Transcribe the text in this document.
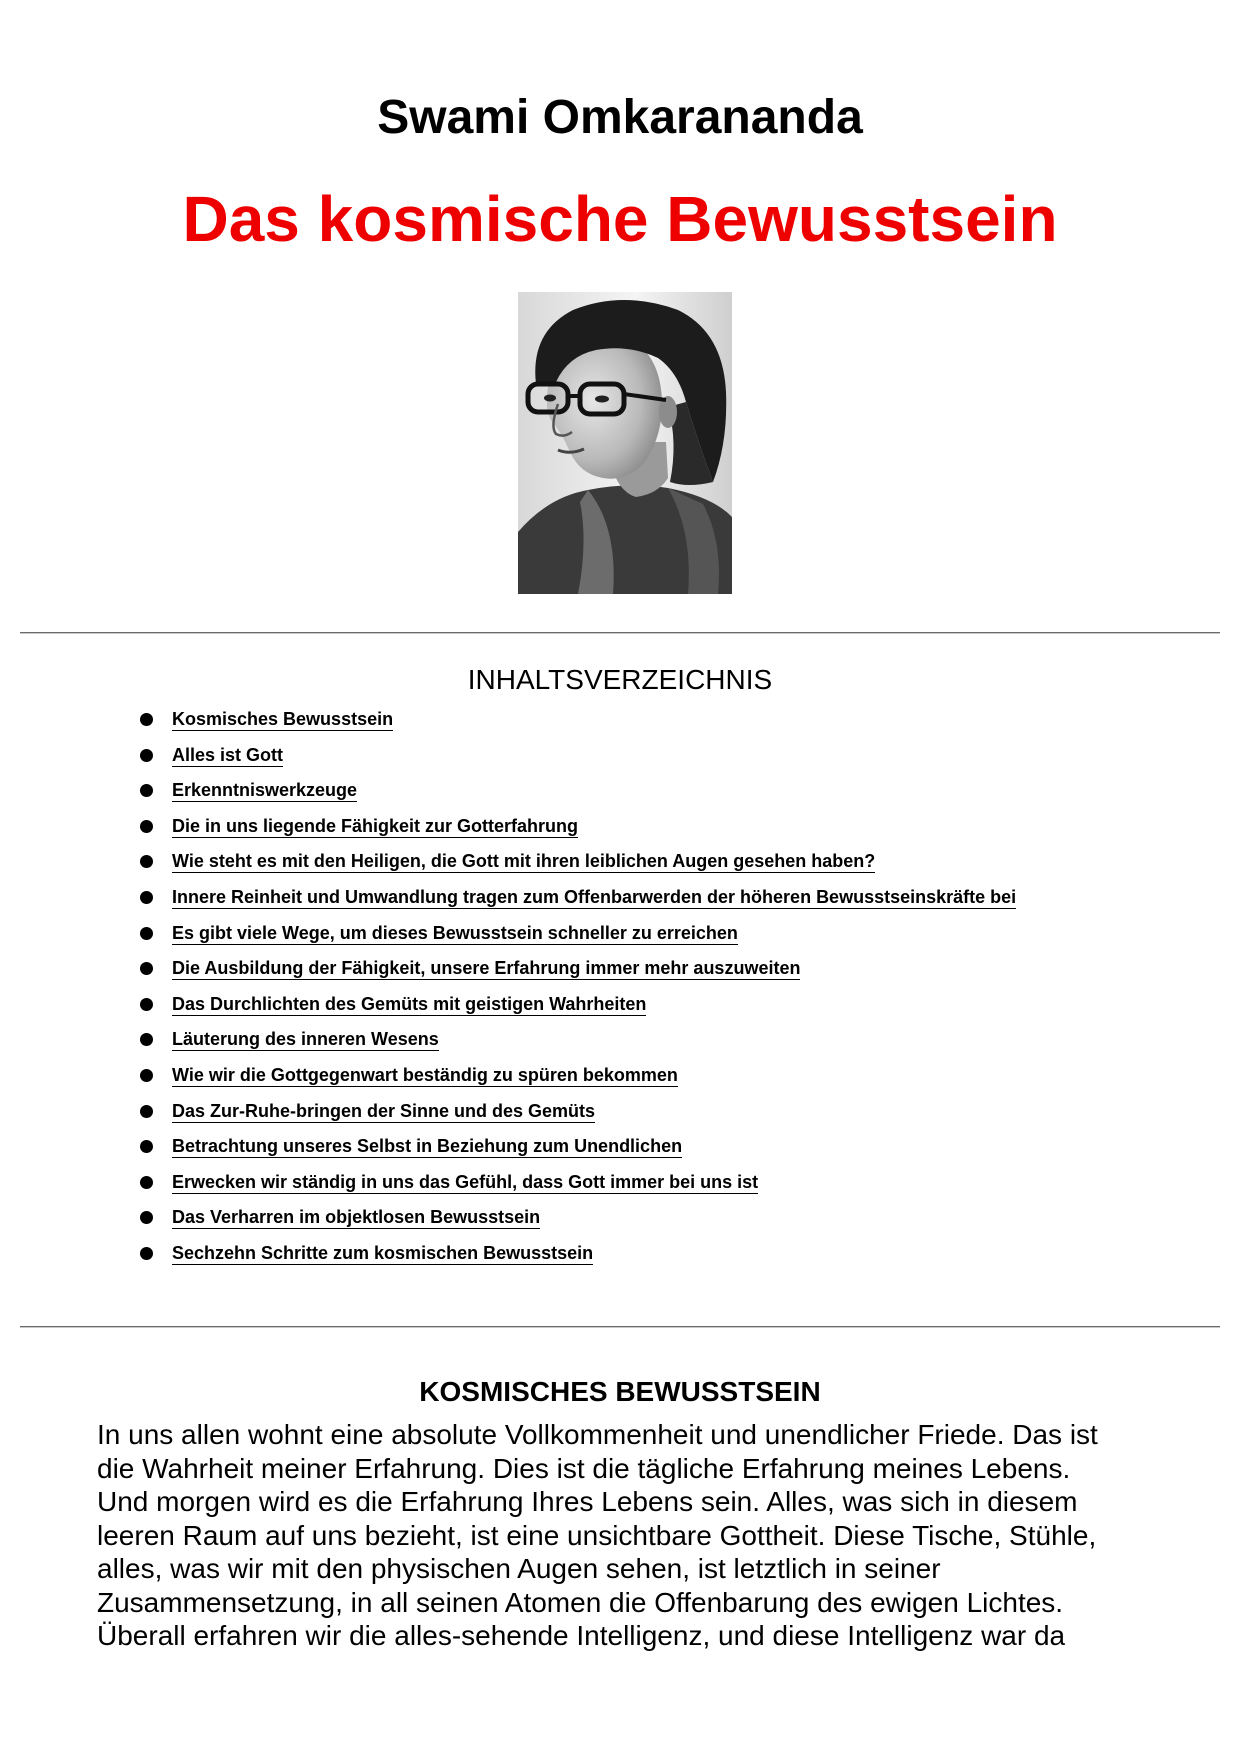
Swami Omkarananda
Das kosmische Bewusstsein
INHALTSVERZEICHNIS
Kosmisches Bewusstsein
Alles ist Gott
Erkenntniswerkzeuge
Die in uns liegende Fähigkeit zur Gotterfahrung
Wie steht es mit den Heiligen, die Gott mit ihren leiblichen Augen gesehen haben?
Innere Reinheit und Umwandlung tragen zum Offenbarwerden der höheren Bewusstseinskräfte bei
Es gibt viele Wege, um dieses Bewusstsein schneller zu erreichen
Die Ausbildung der Fähigkeit, unsere Erfahrung immer mehr auszuweiten
Das Durchlichten des Gemüts mit geistigen Wahrheiten
Läuterung des inneren Wesens
Wie wir die Gottgegenwart beständig zu spüren bekommen
Das Zur-Ruhe-bringen der Sinne und des Gemüts
Betrachtung unseres Selbst in Beziehung zum Unendlichen
Erwecken wir ständig in uns das Gefühl, dass Gott immer bei uns ist
Das Verharren im objektlosen Bewusstsein
Sechzehn Schritte zum kosmischen Bewusstsein
KOSMISCHES BEWUSSTSEIN
In uns allen wohnt eine absolute Vollkommenheit und unendlicher Friede. Das ist
die Wahrheit meiner Erfahrung. Dies ist die tägliche Erfahrung meines Lebens.
Und morgen wird es die Erfahrung Ihres Lebens sein. Alles, was sich in diesem
leeren Raum auf uns bezieht, ist eine unsichtbare Gottheit. Diese Tische, Stühle,
alles, was wir mit den physischen Augen sehen, ist letztlich in seiner
Zusammensetzung, in all seinen Atomen die Offenbarung des ewigen Lichtes.
Überall erfahren wir die alles-sehende Intelligenz, und diese Intelligenz war da
